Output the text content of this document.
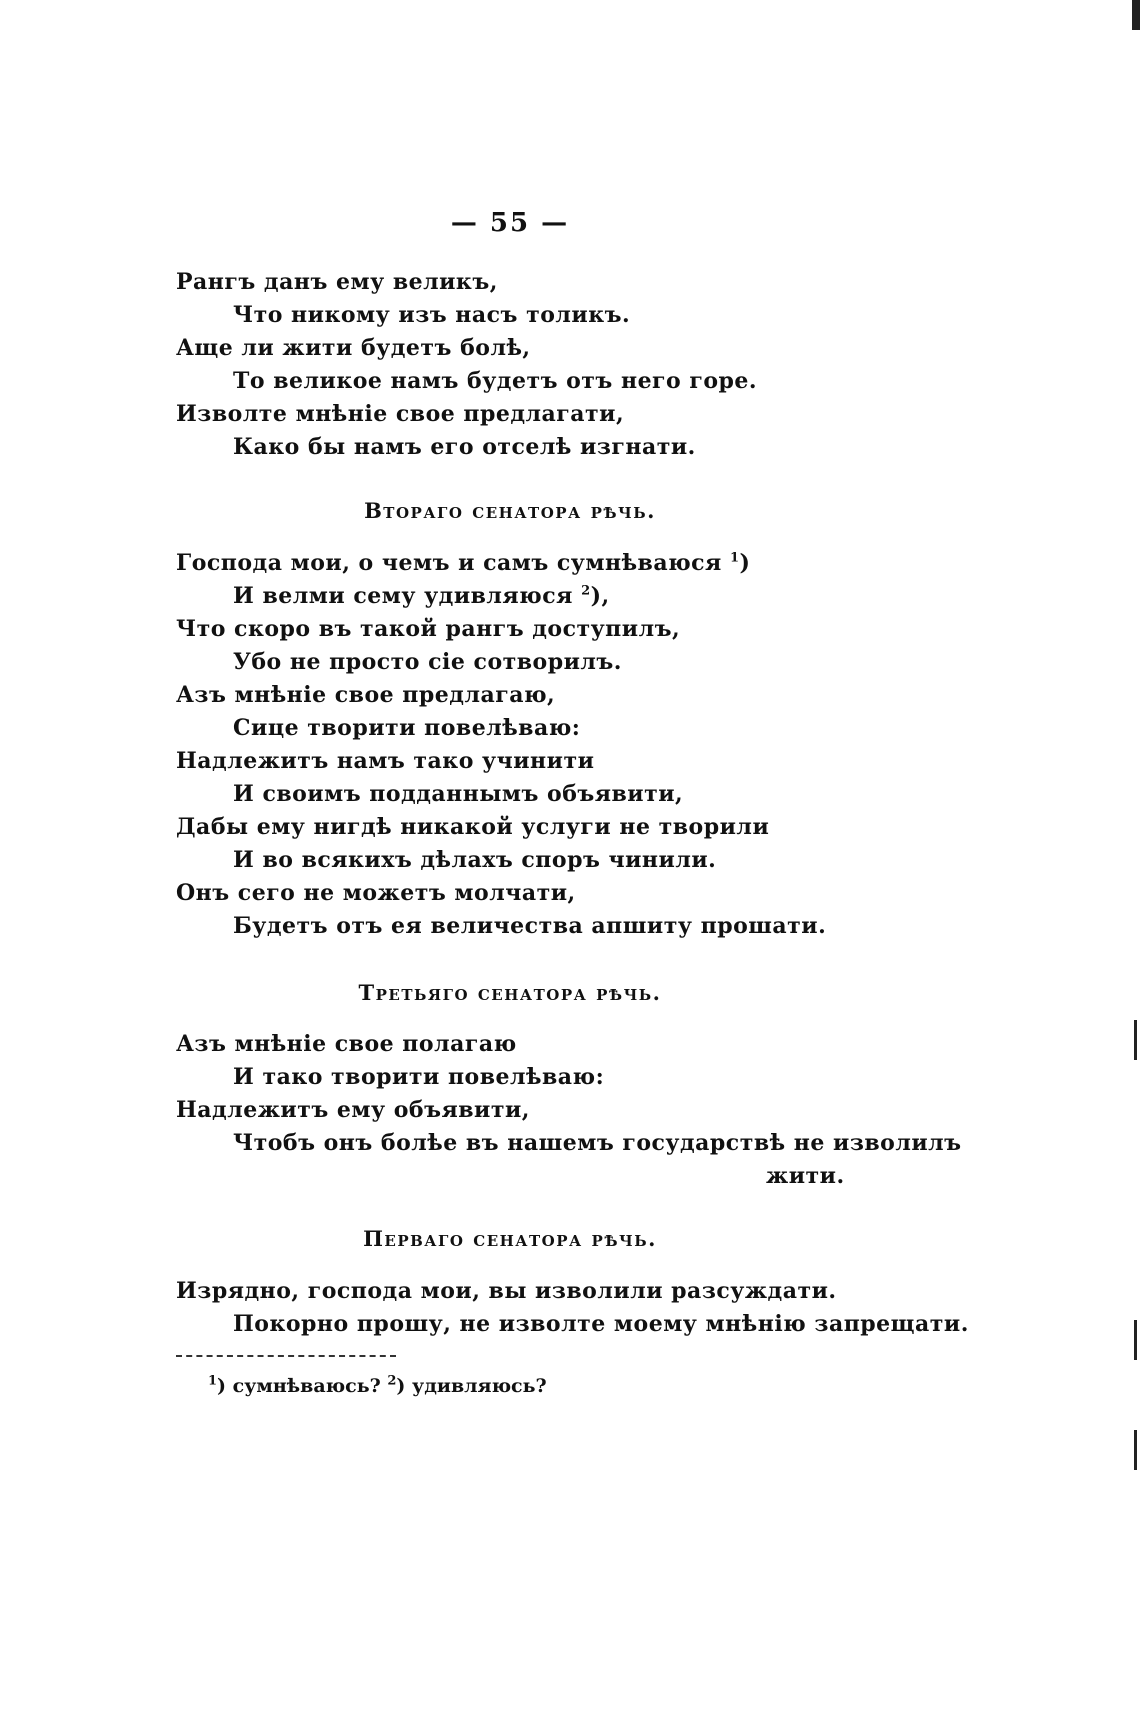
— 55 —
Рангъ данъ ему великъ,
Что никому изъ насъ толикъ.
Аще ли жити будетъ болѣ,
То великое намъ будетъ отъ него горе.
Изволте мнѣніе свое предлагати,
Како бы намъ его отселѣ изгнати.
Втораго сенатора рѣчь.
Господа мои, о чемъ и самъ сумнѣваюся $^1$)
И велми сему удивляюся $^2$),
Что скоро въ такой рангъ доступилъ,
Убо не просто сіе сотворилъ.
Азъ мнѣніе свое предлагаю,
Сице творити повелѣваю:
Надлежитъ намъ тако учинити
И своимъ подданнымъ объявити,
Дабы ему нигдѣ никакой услуги не творили
И во всякихъ дѣлахъ споръ чинили.
Онъ сего не можетъ молчати,
Будетъ отъ ея величества апшиту прошати.
Третьяго сенатора рѣчь.
Азъ мнѣніе свое полагаю
И тако творити повелѣваю:
Надлежитъ ему объявити,
Чтобъ онъ болѣе въ нашемъ государствѣ не изволилъ
жити.
Перваго сенатора рѣчь.
Изрядно, господа мои, вы изволили разсуждати.
Покорно прошу, не изволте моему мнѣнію запрещати.
$^1$) сумнѣваюсь? $^2$) удивляюсь?
